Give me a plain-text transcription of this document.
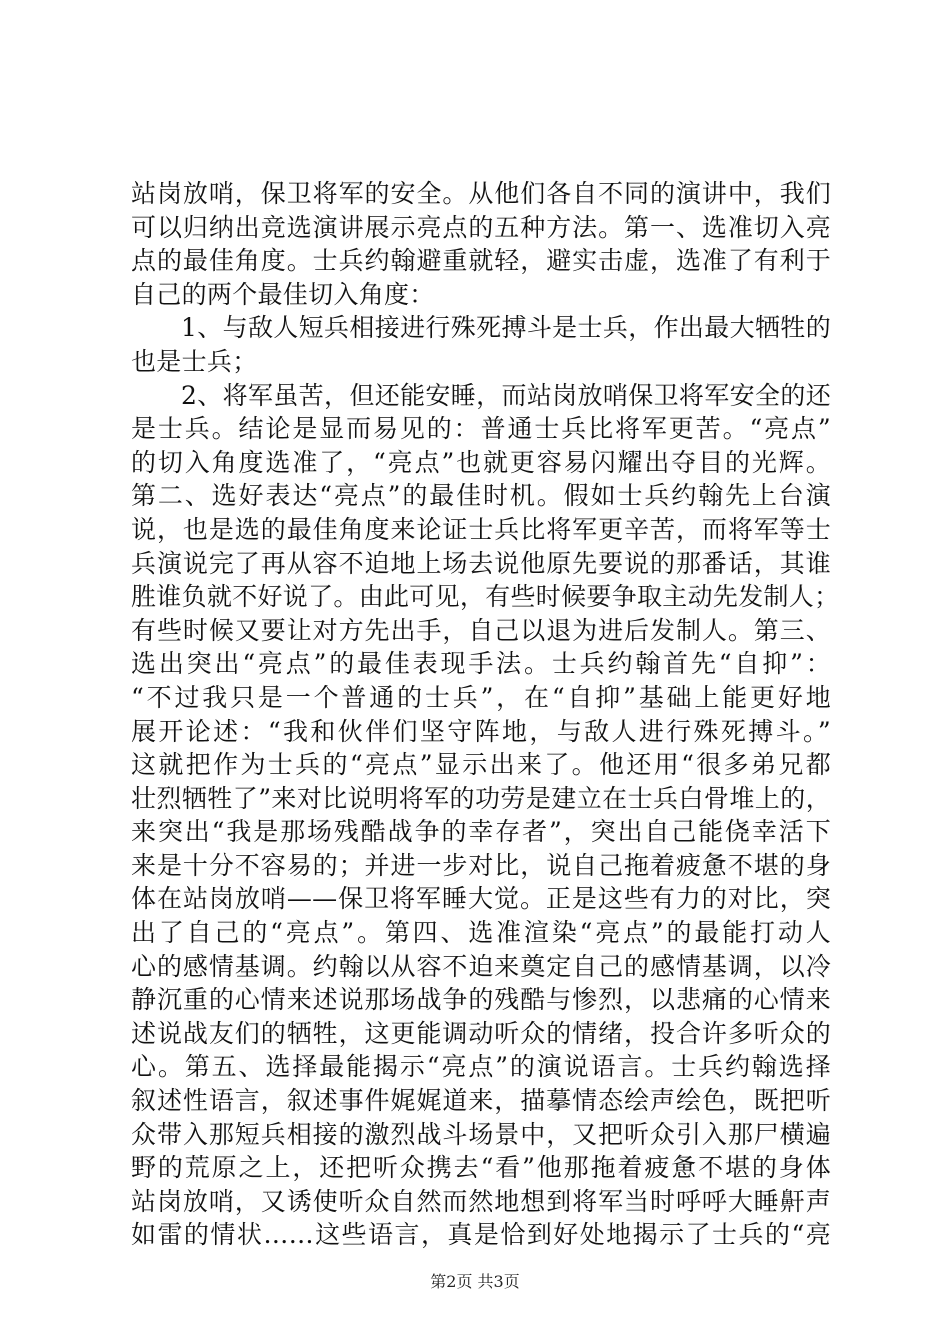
站岗放哨，保卫将军的安全。从他们各自不同的演讲中，我们
可以归纳出竞选演讲展示亮点的五种方法。第一、选准切入亮
点的最佳角度。士兵约翰避重就轻，避实击虚，选准了有利于
自己的两个最佳切入角度：
1、与敌人短兵相接进行殊死搏斗是士兵，作出最大牺牲的
也是士兵；
2、将军虽苦，但还能安睡，而站岗放哨保卫将军安全的还
是士兵。结论是显而易见的：普通士兵比将军更苦。“亮点”
的切入角度选准了，“亮点”也就更容易闪耀出夺目的光辉。
第二、选好表达“亮点”的最佳时机。假如士兵约翰先上台演
说，也是选的最佳角度来论证士兵比将军更辛苦，而将军等士
兵演说完了再从容不迫地上场去说他原先要说的那番话，其谁
胜谁负就不好说了。由此可见，有些时候要争取主动先发制人；
有些时候又要让对方先出手，自己以退为进后发制人。第三、
选出突出“亮点”的最佳表现手法。士兵约翰首先“自抑”：
“不过我只是一个普通的士兵”，在“自抑”基础上能更好地
展开论述：“我和伙伴们坚守阵地，与敌人进行殊死搏斗。”
这就把作为士兵的“亮点”显示出来了。他还用“很多弟兄都
壮烈牺牲了”来对比说明将军的功劳是建立在士兵白骨堆上的，
来突出“我是那场残酷战争的幸存者”，突出自己能侥幸活下
来是十分不容易的；并进一步对比，说自己拖着疲惫不堪的身
体在站岗放哨——保卫将军睡大觉。正是这些有力的对比，突
出了自己的“亮点”。第四、选准渲染“亮点”的最能打动人
心的感情基调。约翰以从容不迫来奠定自己的感情基调，以冷
静沉重的心情来述说那场战争的残酷与惨烈，以悲痛的心情来
述说战友们的牺牲，这更能调动听众的情绪，投合许多听众的
心。第五、选择最能揭示“亮点”的演说语言。士兵约翰选择
叙述性语言，叙述事件娓娓道来，描摹情态绘声绘色，既把听
众带入那短兵相接的激烈战斗场景中，又把听众引入那尸横遍
野的荒原之上，还把听众携去“看”他那拖着疲惫不堪的身体
站岗放哨，又诱使听众自然而然地想到将军当时呼呼大睡鼾声
如雷的情状……这些语言，真是恰到好处地揭示了士兵的“亮
第2页 共3页
